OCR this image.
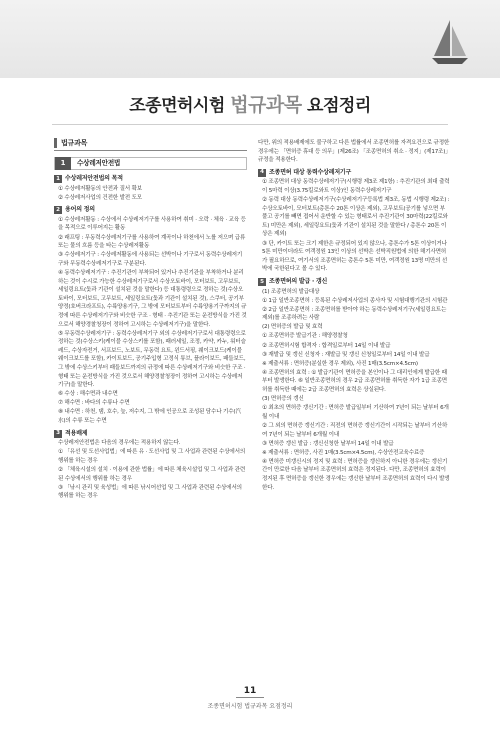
조종면허시험 법규과목 요점정리
법규과목
1	수상레저안전법
1 수상레저안전법의 목적
① 수상레저활동의 안전과 질서 확보
② 수상레저사업의 건전한 발전 도모
2 용어의 정의
① 수상레저활동 : 수상에서 수상레저기구를 사용하여 취미 · 오락 · 체육 · 교육 등을 목적으로 이루어지는 활동
② 래프팅 : 무동력수상레저기구를 사용하여 계곡이나 하천에서 노를 저으며 급류 또는 물의 흐름 등을 타는 수상레저활동
③ 수상레저기구 : 수상레저활동에 사용되는 선박이나 기구로서 동력수상레저기구와 무동력수상레저기구로 구분된다.
④ 동력수상레저기구 : 추진기관이 부착되어 있거나 추진기관을 부착하거나 분리하는 것이 수시로 가능한 수상레저기구로서 수상오토바이, 모터보트, 고무보트, 세일링요트(돛과 기관이 설치된 것을 말한다) 등 대통령령으로 정하는 것(수상오토바이, 모터보트, 고무보트, 세일링요트(돛과 기관이 설치된 것), 스쿠터, 공기부양정(호버크라프트), 수륙양용기구, 그 밖에 모터보트부터 수륙양용기구까지의 규정에 따른 수상레저기구와 비슷한 구조 · 형태 · 추진기관 또는 운전방식을 가진 것으로서 해양경찰청장이 정하여 고시하는 수상레저기구)을 말한다.
⑤ 무동력수상레저기구 : 동력수상레저기구 외의 수상레저기구로서 대통령령으로 정하는 것(수상스키(케이블 수상스키를 포함), 패러세일, 조정, 카약, 카누, 워터슬레드, 수상자전거, 서프보드, 노보트, 무동력 요트, 윈드서핑, 웨이크보드(케이블 웨이크보드를 포함), 카이트보드, 공기주입형 고정식 튜브, 플라이보드, 패들보드, 그 밖에 수상스키부터 패들보드까지의 규정에 따른 수상레저기구와 비슷한 구조 · 형태 또는 운전방식을 가진 것으로서 해양경찰청장이 정하여 고시하는 수상레저기구)을 말한다.
⑥ 수상 : 해수면과 내수면
⑦ 해수면 : 바다의 수류나 수면
⑧ 내수면 : 하천, 댐, 호수, 늪, 저수지, 그 밖에 인공으로 조성된 담수나 기수(汽水)의 수류 또는 수면
3 적용배제
수상레저안전법은 다음의 경우에는 적용하지 않는다.
① 「유선 및 도선사업법」에 따른 유 · 도선사업 및 그 사업과 관련된 수상에서의 행위를 하는 경우
② 「체육시설의 설치 · 이용에 관한 법률」에 따른 체육시설업 및 그 사업과 관련된 수상에서의 행위를 하는 경우
③ 「낚시 관리 및 육성법」에 따른 낚시어선업 및 그 사업과 관련된 수상에서의 행위를 하는 경우
다만, 위의 적용배제에도 불구하고 다른 법률에서 조종면허를 자격요건으로 규정한 경우에는 「면허증 휴대 등 의무」(제26조) 「조종면허의 취소 · 정지」(제17조)」규정을 적용한다.
4 조종면허 대상 동력수상레저기구
① 조종면허 대상 동력수상레저기구(시행령 제3조 제1항) : 추진기관의 최대 출력이 5마력 이상(3.75킬로와트 이상)인 동력수상레저기구
② 동력 대상 동력수상레저기구(수상레저기구등록법 제3조, 동법 시행령 제2조) : 수상오토바이, 모터보트(총톤수 20톤 이상은 제외), 고무보트(공기를 넣으면 부풀고 공기를 빼면 접어서 운반할 수 있는 형태로서 추진기관이 30마력(22킬로와트) 미만은 제외), 세일링요트(돛과 기관이 설치된 것을 말한다 / 총톤수 20톤 이상은 제외)
③ 단, 카이트 또는 크기 제한은 규정되어 있지 않으나, 총톤수가 5톤 이상이거나 5톤 미만이더라도 여객정원 13인 이상의 선박은 선박직원법에 의한 해기사면허가 필요하므로, 여기서의 조종면허는 총톤수 5톤 미만, 여객정원 13명 미만의 선박에 국한된다고 볼 수 있다.
5 조종면허의 발급 · 갱신
(1) 조종면허의 발급대상
① 1급 일반조종면허 : 등록된 수상레저사업의 종사자 및 시험대행기관의 시험관
② 2급 일반조종면허 : 조종면허를 받아야 하는 동력수상레저기구(세일링요트는 제외)를 조종하려는 사람
(2) 면허증의 발급 및 효력
① 조종면허증 발급기관 : 해양경찰청
② 조종면허시험 합격자 : 합격일로부터 14일 이내 발급
③ 재발급 및 갱신 신청자 : 재발급 및 갱신 신청일로부터 14일 이내 발급
※ 제출서류 : 면허증(분실한 경우 제외), 사진 1매(3.5cm×4.5cm)
④ 조종면허의 효력 : ① 발급기관이 면허증을 본인이나 그 대리인에게 발급한 때부터 발생한다. ⑥ 일반조종면허의 경우 2급 조종면허를 취득한 자가 1급 조종면허를 취득한 때에는 2급 조종면허의 효력은 상실된다.
(3) 면허증의 갱신
① 최초의 면허증 갱신기간 : 면허증 발급일부터 기산하여 7년이 되는 날부터 6개월 이내
② 그 외의 면허증 갱신기간 : 직전의 면허증 갱신기간이 시작되는 날부터 기산하여 7년이 되는 날부터 6개월 이내
③ 면허증 갱신 발급 : 갱신신청한 날부터 14일 이내 발급
※ 제출서류 : 면허증, 사진 1매(3.5cm×4.5cm), 수상안전교육수료증
④ 면허증 미갱신시의 정지 및 효력 : 면허증을 갱신하지 아니한 경우에는 갱신기간이 만료한 다음 날부터 조종면허의 효력은 정지된다. 다만, 조종면허의 효력이 정지된 후 면허증을 갱신한 경우에는 갱신한 날부터 조종면허의 효력이 다시 발생한다.
11
조종면허시험 법규과목 요점정리
